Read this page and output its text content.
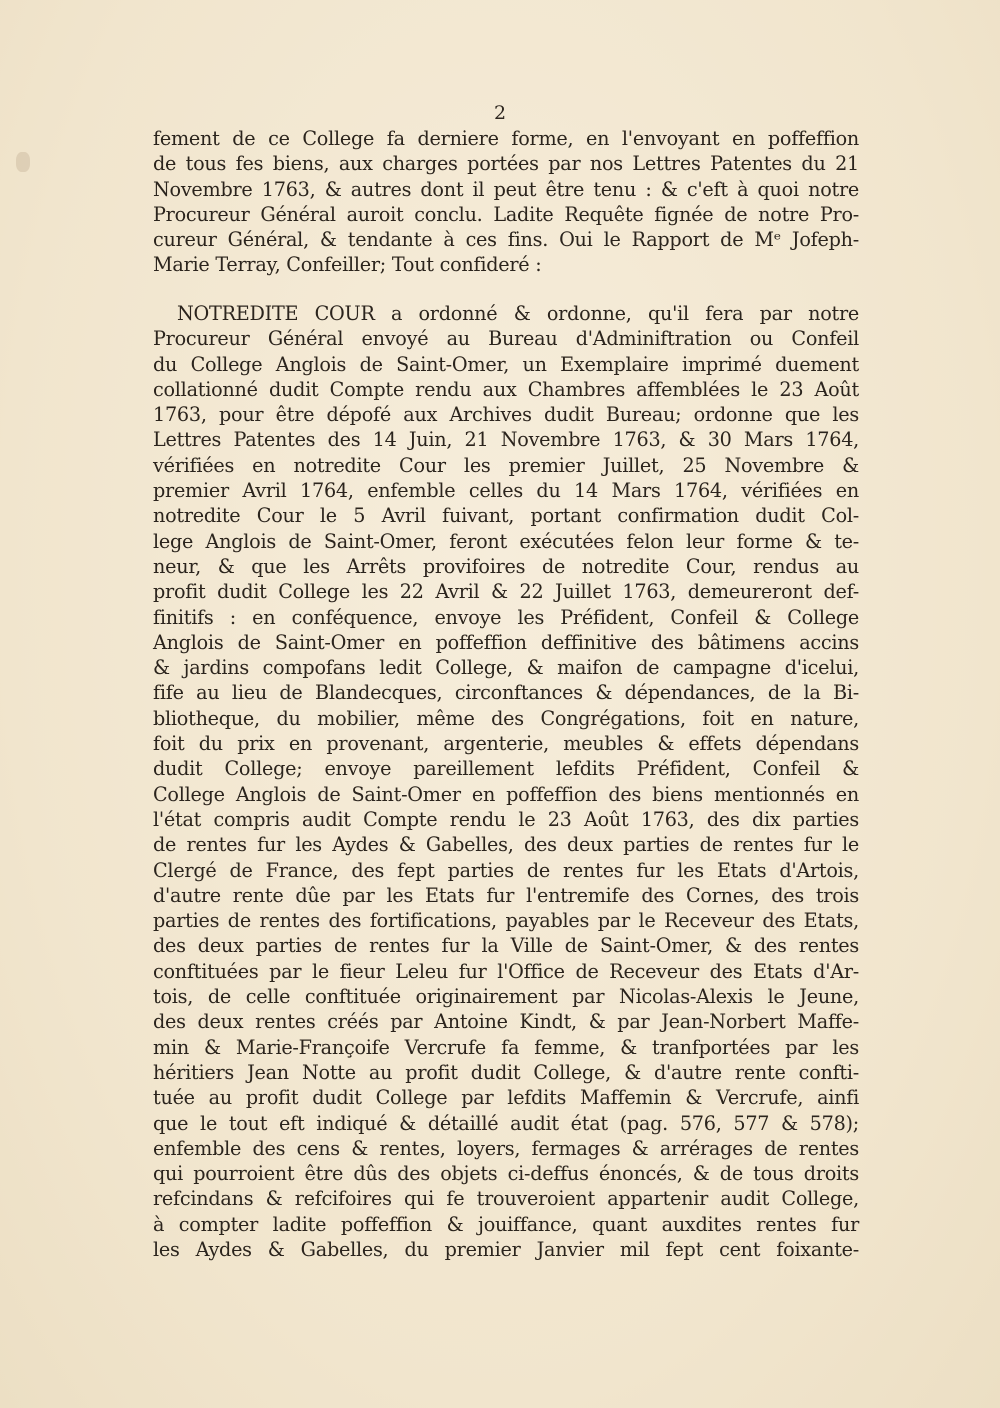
2
fement de ce College fa derniere forme, en l'envoyant en poffeffion
de tous fes biens, aux charges portées par nos Lettres Patentes du 21
Novembre 1763, & autres dont il peut être tenu : & c'eft à quoi notre
Procureur Général auroit conclu. Ladite Requête fignée de notre Pro-
cureur Général, & tendante à ces fins. Oui le Rapport de Mᵉ Jofeph-
Marie Terray, Confeiller; Tout confideré :
NOTREDITE COUR a ordonné & ordonne, qu'il fera par notre
Procureur Général envoyé au Bureau d'Adminiftration ou Confeil
du College Anglois de Saint-Omer, un Exemplaire imprimé duement
collationné dudit Compte rendu aux Chambres affemblées le 23 Août
1763, pour être dépofé aux Archives dudit Bureau; ordonne que les
Lettres Patentes des 14 Juin, 21 Novembre 1763, & 30 Mars 1764,
vérifiées en notredite Cour les premier Juillet, 25 Novembre &
premier Avril 1764, enfemble celles du 14 Mars 1764, vérifiées en
notredite Cour le 5 Avril fuivant, portant confirmation dudit Col-
lege Anglois de Saint-Omer, feront exécutées felon leur forme & te-
neur, & que les Arrêts provifoires de notredite Cour, rendus au
profit dudit College les 22 Avril & 22 Juillet 1763, demeureront def-
finitifs : en conféquence, envoye les Préfident, Confeil & College
Anglois de Saint-Omer en poffeffion deffinitive des bâtimens accins
& jardins compofans ledit College, & maifon de campagne d'icelui,
fife au lieu de Blandecques, circonftances & dépendances, de la Bi-
bliotheque, du mobilier, même des Congrégations, foit en nature,
foit du prix en provenant, argenterie, meubles & effets dépendans
dudit College; envoye pareillement lefdits Préfident, Confeil &
College Anglois de Saint-Omer en poffeffion des biens mentionnés en
l'état compris audit Compte rendu le 23 Août 1763, des dix parties
de rentes fur les Aydes & Gabelles, des deux parties de rentes fur le
Clergé de France, des fept parties de rentes fur les Etats d'Artois,
d'autre rente dûe par les Etats fur l'entremife des Cornes, des trois
parties de rentes des fortifications, payables par le Receveur des Etats,
des deux parties de rentes fur la Ville de Saint-Omer, & des rentes
conftituées par le fieur Leleu fur l'Office de Receveur des Etats d'Ar-
tois, de celle conftituée originairement par Nicolas-Alexis le Jeune,
des deux rentes créés par Antoine Kindt, & par Jean-Norbert Maffe-
min & Marie-Françoife Vercrufe fa femme, & tranfportées par les
héritiers Jean Notte au profit dudit College, & d'autre rente confti-
tuée au profit dudit College par lefdits Maffemin & Vercrufe, ainfi
que le tout eft indiqué & détaillé audit état (pag. 576, 577 & 578);
enfemble des cens & rentes, loyers, fermages & arrérages de rentes
qui pourroient être dûs des objets ci-deffus énoncés, & de tous droits
refcindans & refcifoires qui fe trouveroient appartenir audit College,
à compter ladite poffeffion & jouiffance, quant auxdites rentes fur
les Aydes & Gabelles, du premier Janvier mil fept cent foixante-
